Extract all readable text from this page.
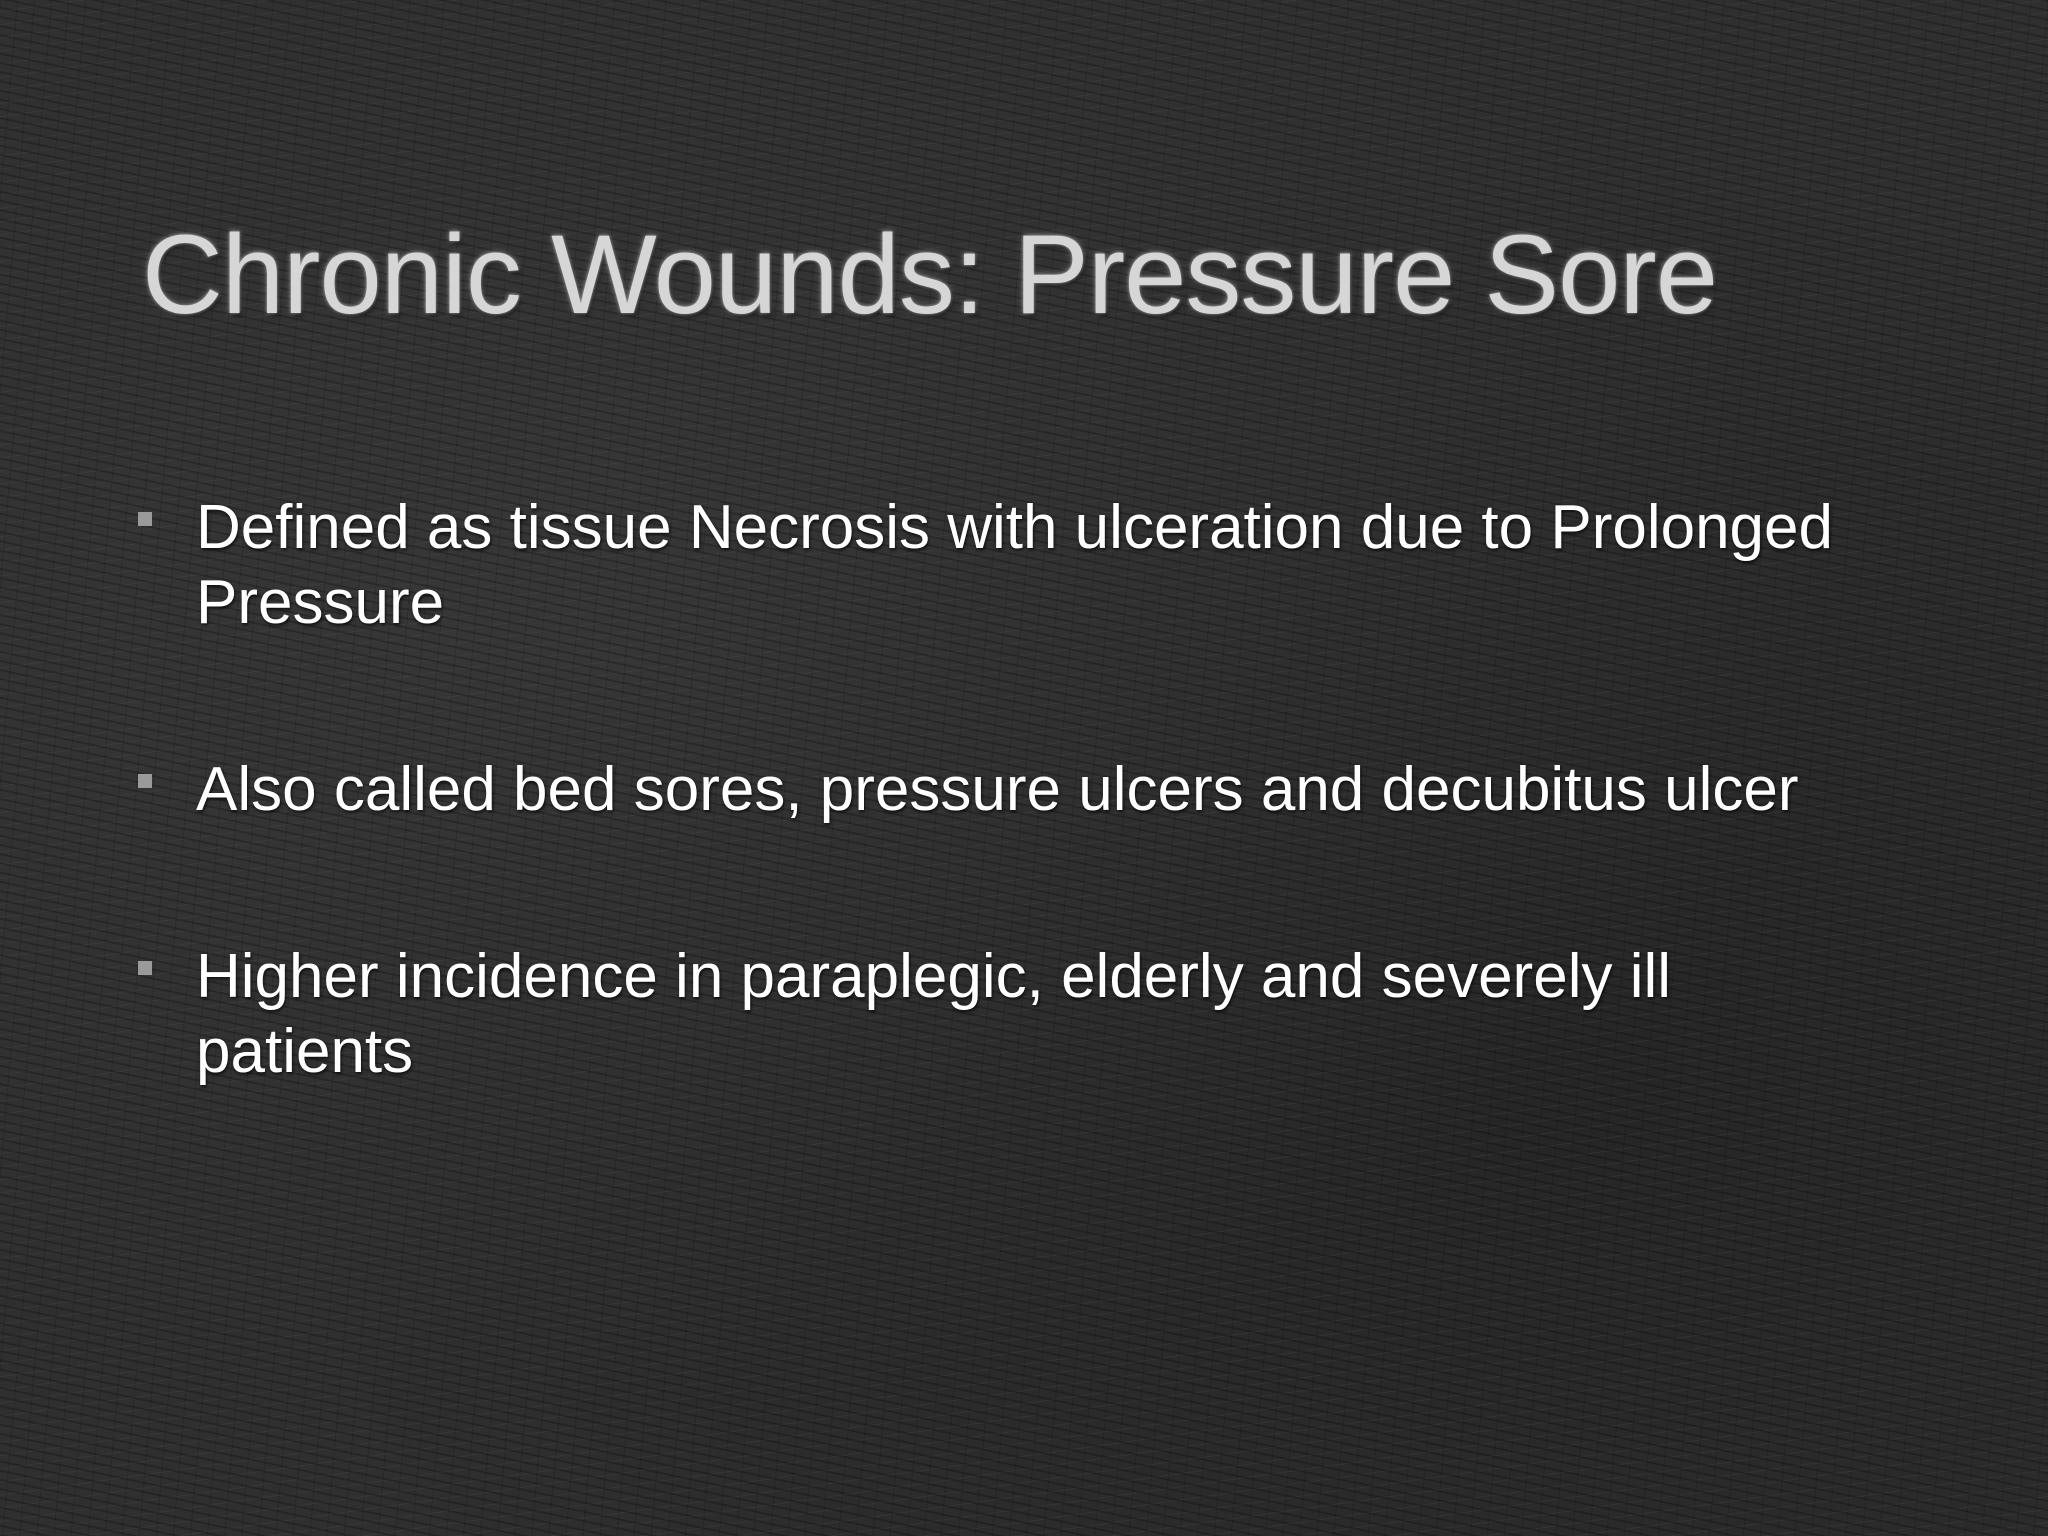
Chronic Wounds: Pressure Sore
Defined as tissue Necrosis with ulceration due to Prolonged Pressure
Also called bed sores, pressure ulcers and decubitus ulcer
Higher incidence in paraplegic, elderly and severely ill patients
